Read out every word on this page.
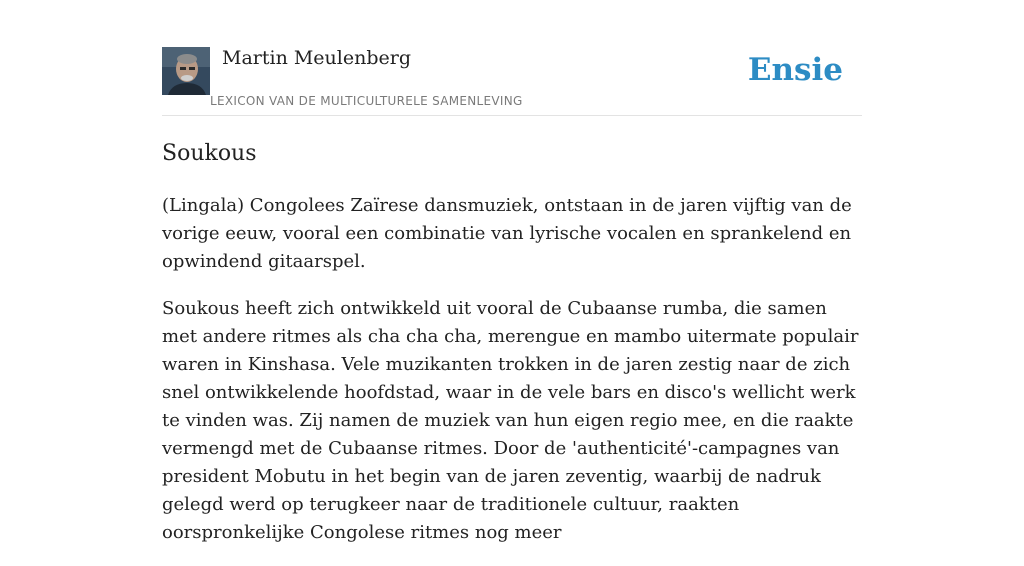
Martin Meulenberg
LEXICON VAN DE MULTICULTURELE SAMENLEVING
Ensie
Soukous

(Lingala) Congolees Zaïrese dansmuziek, ontstaan in de jaren vijftig van de vorige eeuw, vooral een combinatie van lyrische vocalen en sprankelend en opwindend gitaarspel.

Soukous heeft zich ontwikkeld uit vooral de Cubaanse rumba, die samen met andere ritmes als cha cha cha, merengue en mambo uitermate populair waren in Kinshasa. Vele muzikanten trokken in de jaren zestig naar de zich snel ontwikkelende hoofdstad, waar in de vele bars en disco's wellicht werk te vinden was. Zij namen de muziek van hun eigen regio mee, en die raakte vermengd met de Cubaanse ritmes. Door de 'authenticité'-campagnes van president Mobutu in het begin van de jaren zeventig, waarbij de nadruk gelegd werd op terugkeer naar de traditionele cultuur, raakten oorspronkelijke Congolese ritmes nog meer
